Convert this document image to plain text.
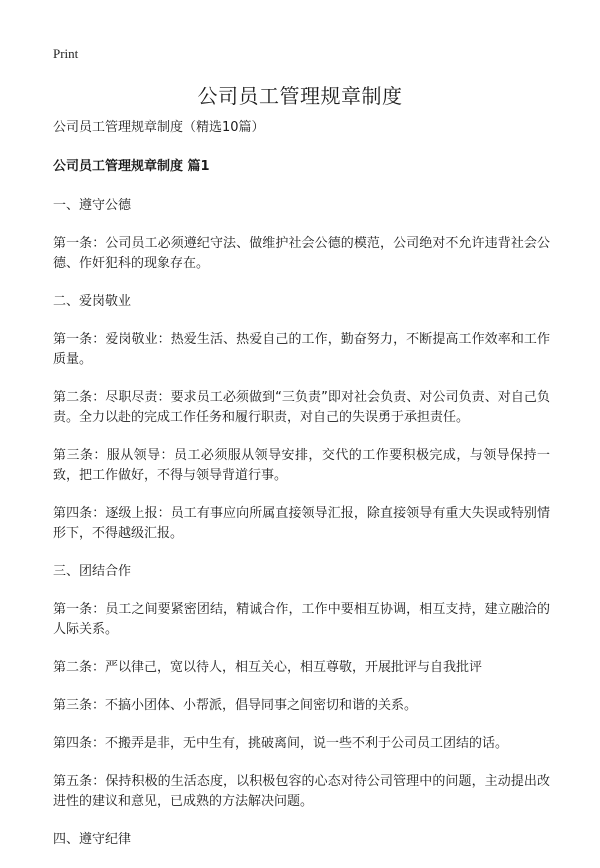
Print
公司员工管理规章制度

公司员工管理规章制度（精选10篇）

公司员工管理规章制度 篇1

一、遵守公德

第一条：公司员工必须遵纪守法、做维护社会公德的模范，公司绝对不允许违背社会公德、作奸犯科的现象存在。

二、爱岗敬业

第一条：爱岗敬业：热爱生活、热爱自己的工作，勤奋努力，不断提高工作效率和工作质量。

第二条：尽职尽责：要求员工必须做到“三负责”即对社会负责、对公司负责、对自己负责。全力以赴的完成工作任务和履行职责，对自己的失误勇于承担责任。

第三条：服从领导：员工必须服从领导安排，交代的工作要积极完成，与领导保持一致，把工作做好，不得与领导背道行事。

第四条：逐级上报：员工有事应向所属直接领导汇报，除直接领导有重大失误或特别情形下，不得越级汇报。

三、团结合作

第一条：员工之间要紧密团结，精诚合作，工作中要相互协调，相互支持，建立融洽的人际关系。

第二条：严以律己，宽以待人，相互关心，相互尊敬，开展批评与自我批评

第三条：不搞小团体、小帮派，倡导同事之间密切和谐的关系。

第四条：不搬弄是非，无中生有，挑破离间，说一些不利于公司员工团结的话。

第五条：保持积极的生活态度，以积极包容的心态对待公司管理中的问题，主动提出改进性的建议和意见，已成熟的方法解决问题。

四、遵守纪律
